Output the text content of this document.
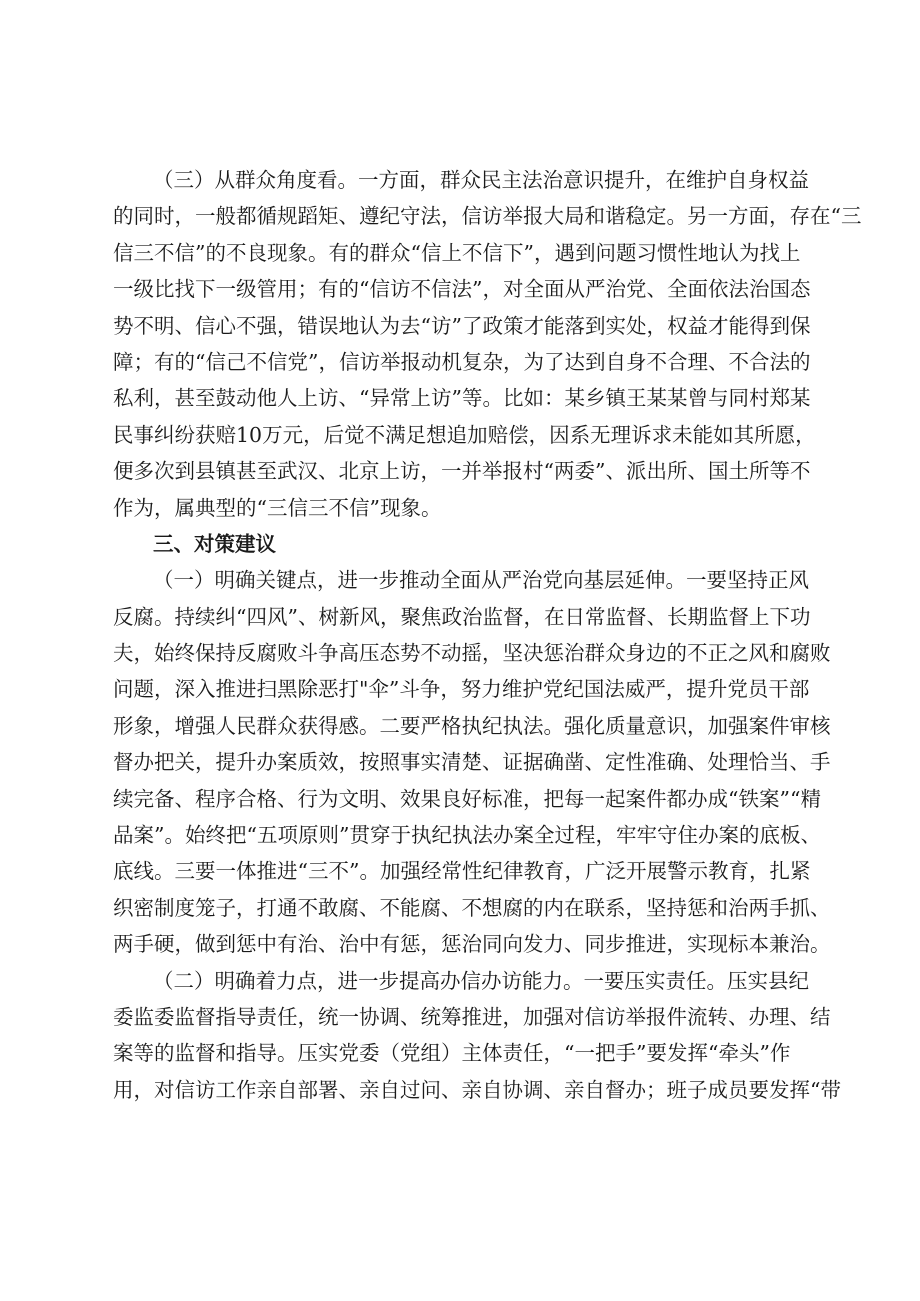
（三）从群众角度看。一方面，群众民主法治意识提升，在维护自身权益
的同时，一般都循规蹈矩、遵纪守法，信访举报大局和谐稳定。另一方面，存在“三
信三不信”的不良现象。有的群众“信上不信下”，遇到问题习惯性地认为找上
一级比找下一级管用；有的“信访不信法”，对全面从严治党、全面依法治国态
势不明、信心不强，错误地认为去“访”了政策才能落到实处，权益才能得到保
障；有的“信己不信党”，信访举报动机复杂，为了达到自身不合理、不合法的
私利，甚至鼓动他人上访、“异常上访”等。比如：某乡镇王某某曾与同村郑某
民事纠纷获赔10万元，后觉不满足想追加赔偿，因系无理诉求未能如其所愿，
便多次到县镇甚至武汉、北京上访，一并举报村“两委”、派出所、国土所等不
作为，属典型的“三信三不信”现象。
三、对策建议
（一）明确关键点，进一步推动全面从严治党向基层延伸。一要坚持正风
反腐。持续纠“四风”、树新风，聚焦政治监督，在日常监督、长期监督上下功
夫，始终保持反腐败斗争高压态势不动摇，坚决惩治群众身边的不正之风和腐败
问题，深入推进扫黑除恶打"伞”斗争，努力维护党纪国法威严，提升党员干部
形象，增强人民群众获得感。二要严格执纪执法。强化质量意识，加强案件审核
督办把关，提升办案质效，按照事实清楚、证据确凿、定性准确、处理恰当、手
续完备、程序合格、行为文明、效果良好标准，把每一起案件都办成“铁案”“精
品案”。始终把“五项原则”贯穿于执纪执法办案全过程，牢牢守住办案的底板、
底线。三要一体推进“三不”。加强经常性纪律教育，广泛开展警示教育，扎紧
织密制度笼子，打通不敢腐、不能腐、不想腐的内在联系，坚持惩和治两手抓、
两手硬，做到惩中有治、治中有惩，惩治同向发力、同步推进，实现标本兼治。
（二）明确着力点，进一步提高办信办访能力。一要压实责任。压实县纪
委监委监督指导责任，统一协调、统筹推进，加强对信访举报件流转、办理、结
案等的监督和指导。压实党委（党组）主体责任，“一把手”要发挥“牵头”作
用，对信访工作亲自部署、亲自过问、亲自协调、亲自督办；班子成员要发挥“带
